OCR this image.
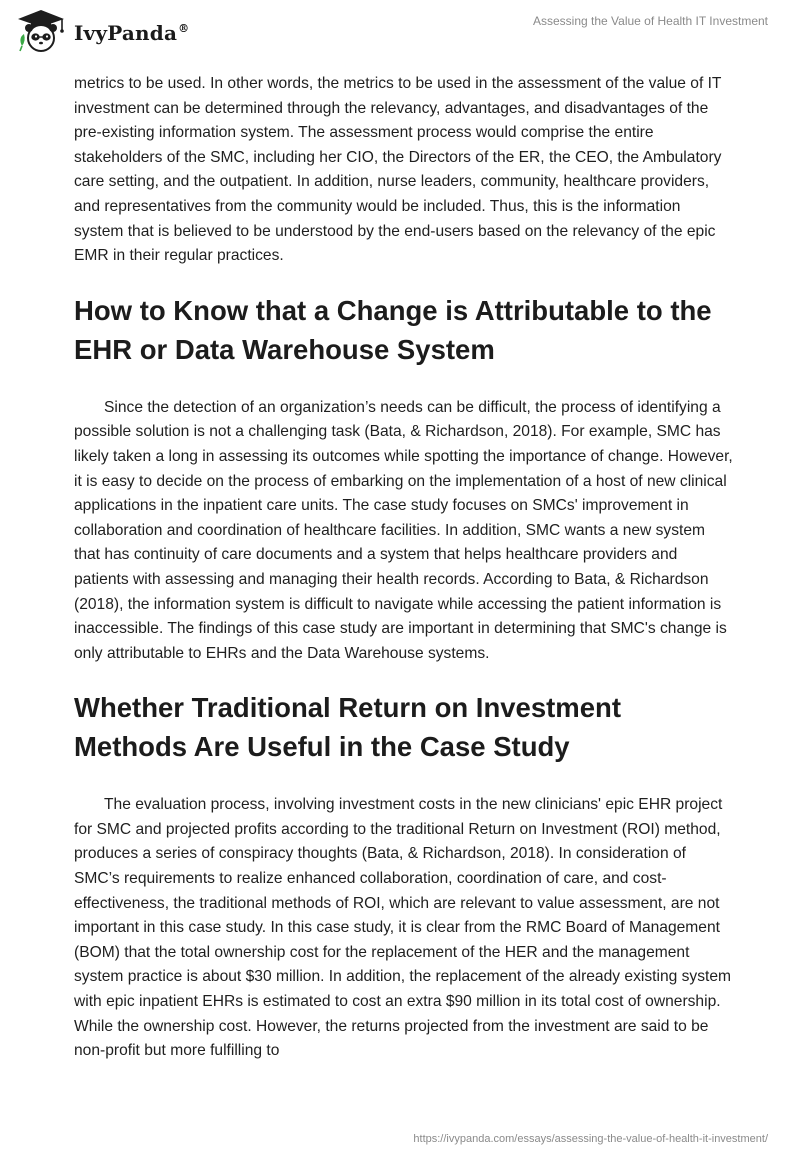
IvyPanda®
Assessing the Value of Health IT Investment

metrics to be used. In other words, the metrics to be used in the assessment of the value of IT investment can be determined through the relevancy, advantages, and disadvantages of the pre-existing information system. The assessment process would comprise the entire stakeholders of the SMC, including her CIO, the Directors of the ER, the CEO, the Ambulatory care setting, and the outpatient. In addition, nurse leaders, community, healthcare providers, and representatives from the community would be included. Thus, this is the information system that is believed to be understood by the end-users based on the relevancy of the epic EMR in their regular practices.

How to Know that a Change is Attributable to the EHR or Data Warehouse System

Since the detection of an organization’s needs can be difficult, the process of identifying a possible solution is not a challenging task (Bata, & Richardson, 2018). For example, SMC has likely taken a long in assessing its outcomes while spotting the importance of change. However, it is easy to decide on the process of embarking on the implementation of a host of new clinical applications in the inpatient care units. The case study focuses on SMCs' improvement in collaboration and coordination of healthcare facilities. In addition, SMC wants a new system that has continuity of care documents and a system that helps healthcare providers and patients with assessing and managing their health records. According to Bata, & Richardson (2018), the information system is difficult to navigate while accessing the patient information is inaccessible. The findings of this case study are important in determining that SMC's change is only attributable to EHRs and the Data Warehouse systems.

Whether Traditional Return on Investment Methods Are Useful in the Case Study

The evaluation process, involving investment costs in the new clinicians' epic EHR project for SMC and projected profits according to the traditional Return on Investment (ROI) method, produces a series of conspiracy thoughts (Bata, & Richardson, 2018). In consideration of SMC’s requirements to realize enhanced collaboration, coordination of care, and cost-effectiveness, the traditional methods of ROI, which are relevant to value assessment, are not important in this case study. In this case study, it is clear from the RMC Board of Management (BOM) that the total ownership cost for the replacement of the HER and the management system practice is about $30 million. In addition, the replacement of the already existing system with epic inpatient EHRs is estimated to cost an extra $90 million in its total cost of ownership. While the ownership cost. However, the returns projected from the investment are said to be non-profit but more fulfilling to

https://ivypanda.com/essays/assessing-the-value-of-health-it-investment/
